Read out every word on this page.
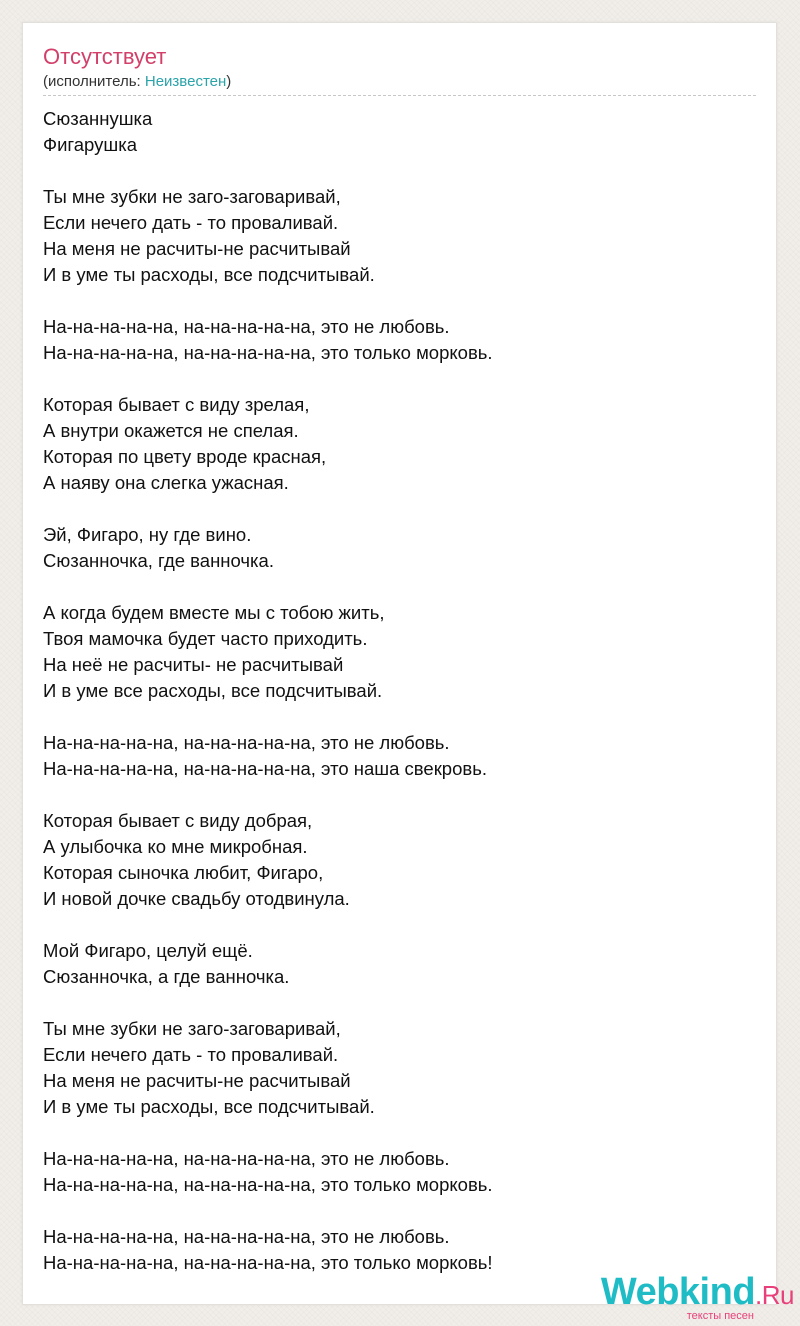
Отсутствует
(исполнитель: Неизвестен)
Сюзаннушка
Фигарушка
Ты мне зубки не заго-заговаривай,
Если нечего дать - то проваливай.
На меня не расчиты-не расчитывай
И в уме ты расходы, все подсчитывай.
На-на-на-на-на, на-на-на-на-на, это не любовь.
На-на-на-на-на, на-на-на-на-на, это только морковь.
Которая бывает с виду зрелая,
А внутри окажется не спелая.
Которая по цвету вроде красная,
А наяву она слегка ужасная.
Эй, Фигаро, ну где вино.
Сюзанночка, где ванночка.
А когда будем вместе мы с тобою жить,
Твоя мамочка будет часто приходить.
На неё не расчиты- не расчитывай
И в уме все расходы, все подсчитывай.
На-на-на-на-на, на-на-на-на-на, это не любовь.
На-на-на-на-на, на-на-на-на-на, это наша свекровь.
Которая бывает с виду добрая,
А улыбочка ко мне микробная.
Которая сыночка любит, Фигаро,
И новой дочке свадьбу отодвинула.
Мой Фигаро, целуй ещё.
Сюзанночка, а где ванночка.
Ты мне зубки не заго-заговаривай,
Если нечего дать - то проваливай.
На меня не расчиты-не расчитывай
И в уме ты расходы, все подсчитывай.
На-на-на-на-на, на-на-на-на-на, это не любовь.
На-на-на-на-на, на-на-на-на-на, это только морковь.
На-на-на-на-на, на-на-на-на-на, это не любовь.
На-на-на-на-на, на-на-на-на-на, это только морковь!
Webkind.Ru
тексты песен
